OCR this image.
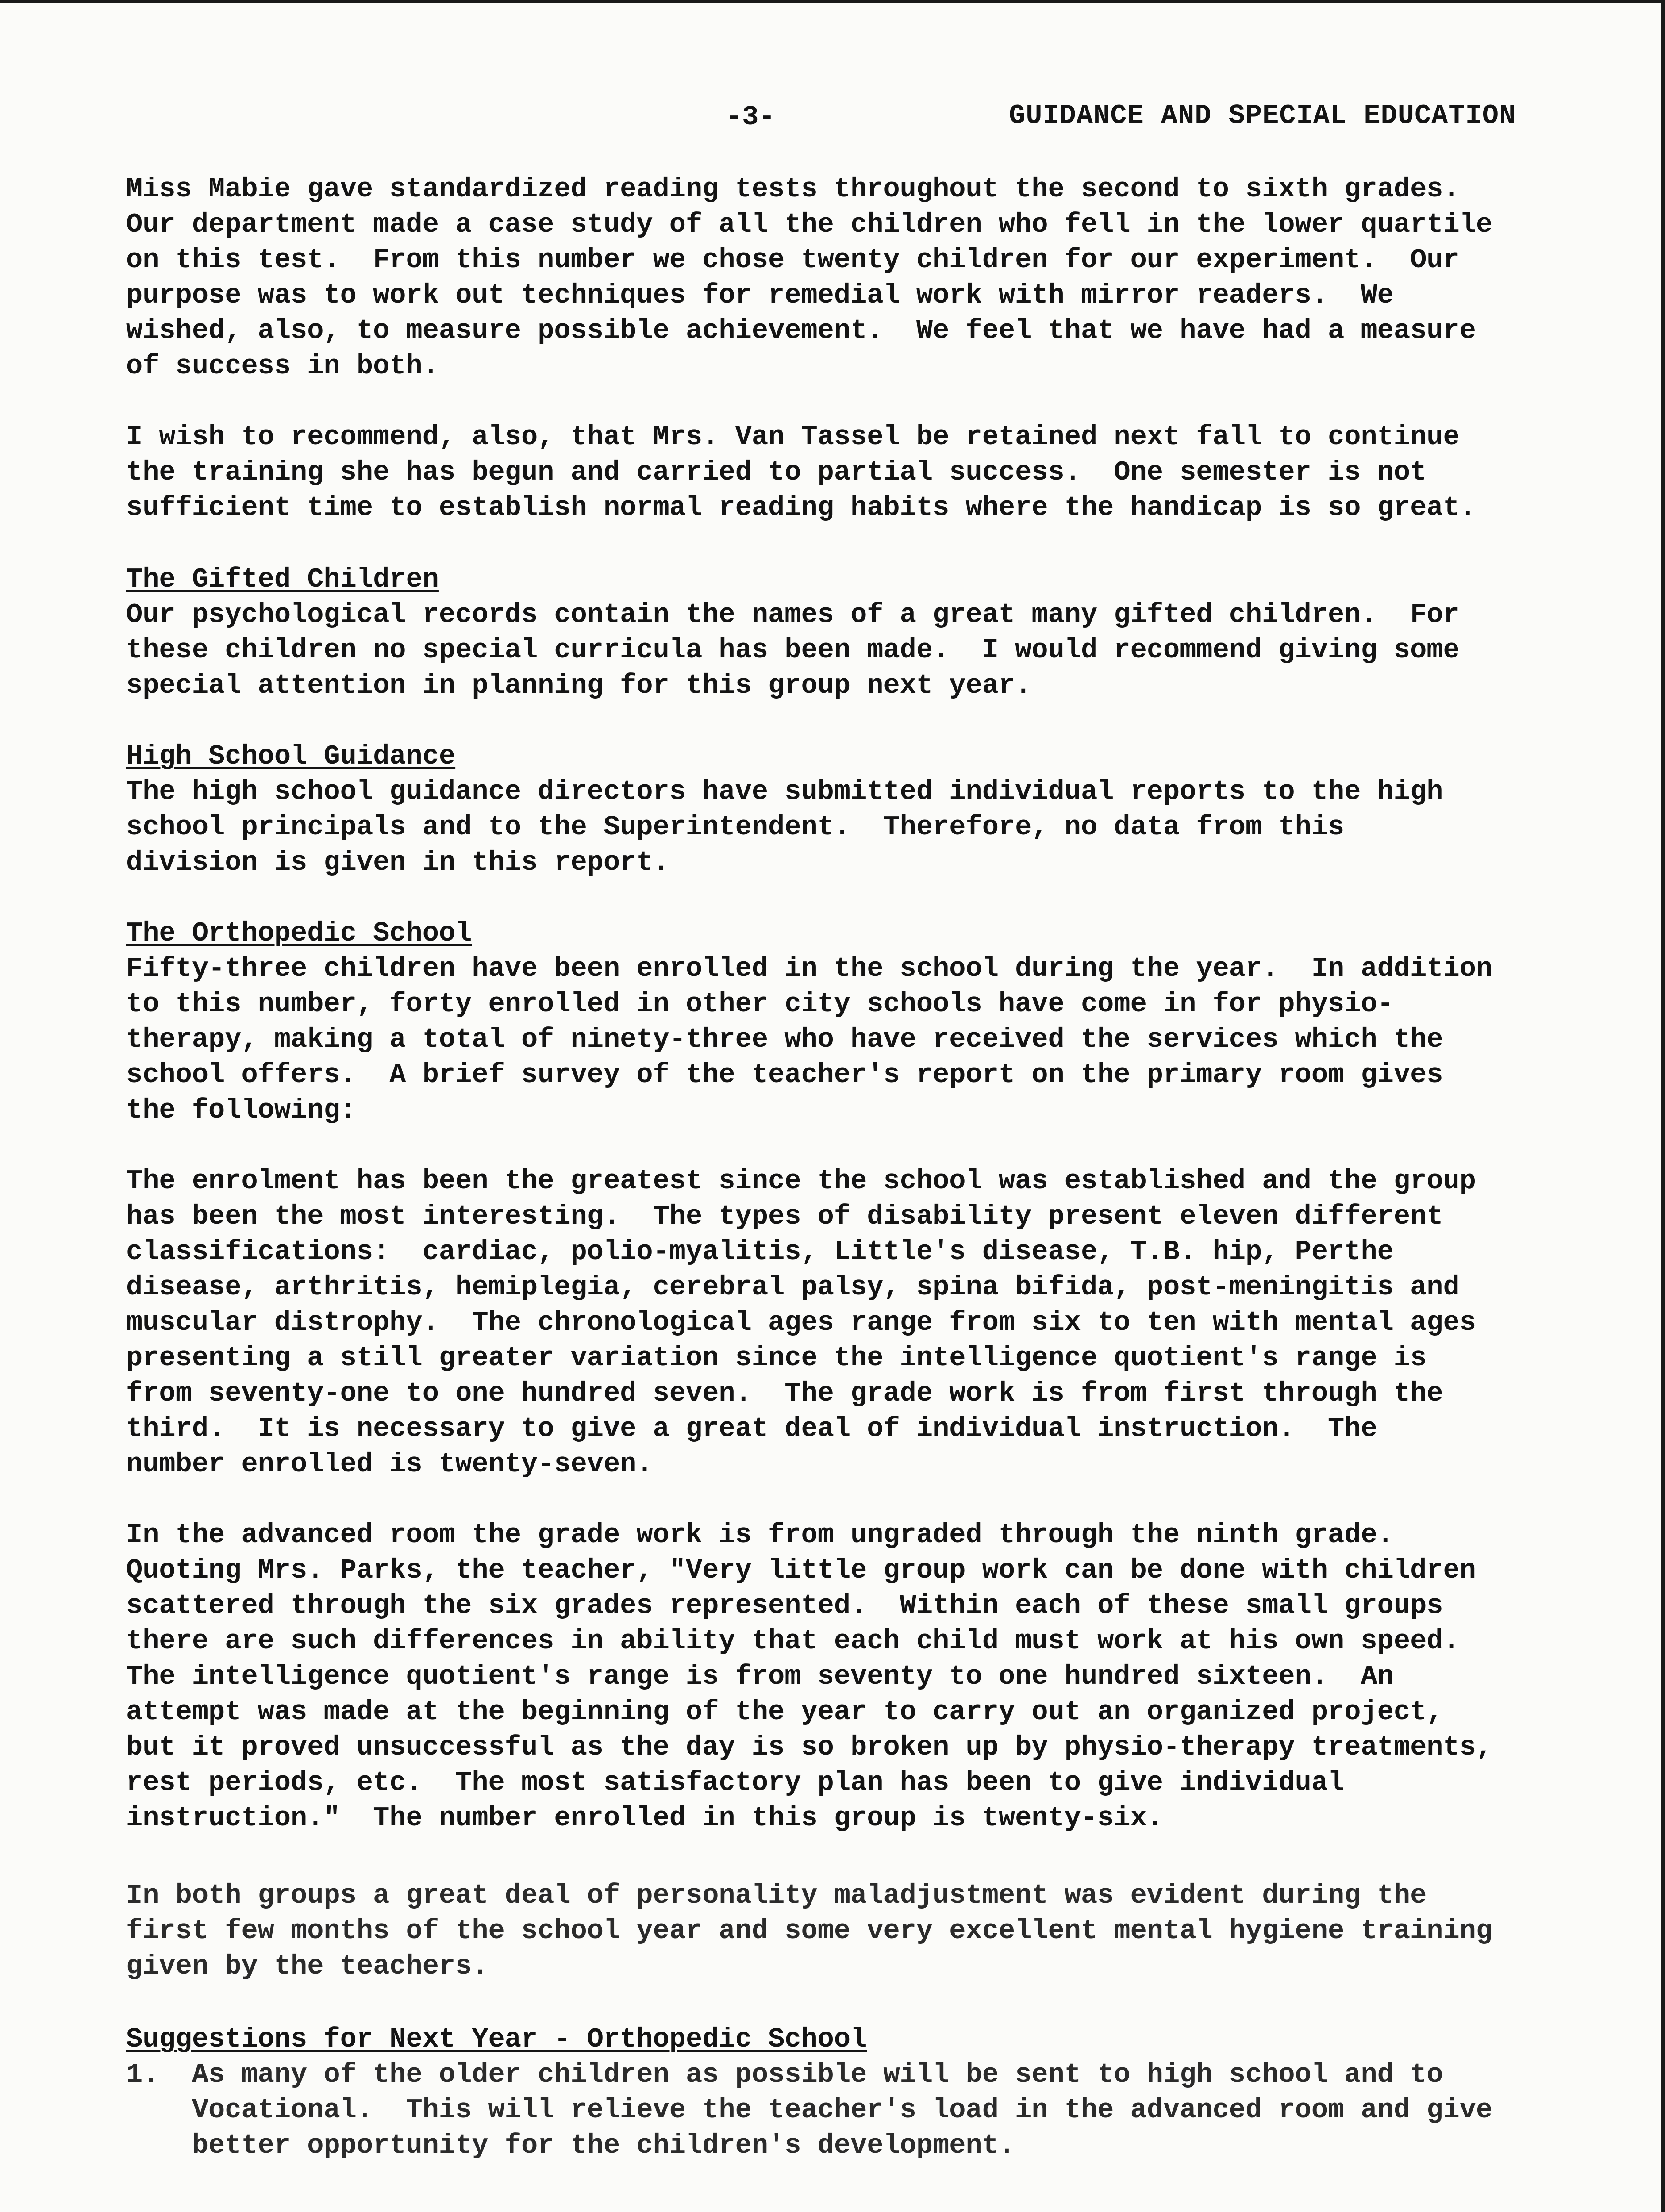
-3-	GUIDANCE AND SPECIAL EDUCATION
Miss Mabie gave standardized reading tests throughout the second to sixth grades.
Our department made a case study of all the children who fell in the lower quartile
on this test.  From this number we chose twenty children for our experiment.  Our
purpose was to work out techniques for remedial work with mirror readers.  We
wished, also, to measure possible achievement.  We feel that we have had a measure
of success in both.
I wish to recommend, also, that Mrs. Van Tassel be retained next fall to continue
the training she has begun and carried to partial success.  One semester is not
sufficient time to establish normal reading habits where the handicap is so great.
The Gifted Children
Our psychological records contain the names of a great many gifted children.  For
these children no special curricula has been made.  I would recommend giving some
special attention in planning for this group next year.
High School Guidance
The high school guidance directors have submitted individual reports to the high
school principals and to the Superintendent.  Therefore, no data from this
division is given in this report.
The Orthopedic School
Fifty-three children have been enrolled in the school during the year.  In addition
to this number, forty enrolled in other city schools have come in for physio-
therapy, making a total of ninety-three who have received the services which the
school offers.  A brief survey of the teacher's report on the primary room gives
the following:
The enrolment has been the greatest since the school was established and the group
has been the most interesting.  The types of disability present eleven different
classifications:  cardiac, polio-myalitis, Little's disease, T.B. hip, Perthe
disease, arthritis, hemiplegia, cerebral palsy, spina bifida, post-meningitis and
muscular distrophy.  The chronological ages range from six to ten with mental ages
presenting a still greater variation since the intelligence quotient's range is
from seventy-one to one hundred seven.  The grade work is from first through the
third.  It is necessary to give a great deal of individual instruction.  The
number enrolled is twenty-seven.
In the advanced room the grade work is from ungraded through the ninth grade.
Quoting Mrs. Parks, the teacher, "Very little group work can be done with children
scattered through the six grades represented.  Within each of these small groups
there are such differences in ability that each child must work at his own speed.
The intelligence quotient's range is from seventy to one hundred sixteen.  An
attempt was made at the beginning of the year to carry out an organized project,
but it proved unsuccessful as the day is so broken up by physio-therapy treatments,
rest periods, etc.  The most satisfactory plan has been to give individual
instruction."  The number enrolled in this group is twenty-six.
In both groups a great deal of personality maladjustment was evident during the
first few months of the school year and some very excellent mental hygiene training
given by the teachers.
Suggestions for Next Year - Orthopedic School
1.  As many of the older children as possible will be sent to high school and to
Vocational.  This will relieve the teacher's load in the advanced room and give
better opportunity for the children's development.
